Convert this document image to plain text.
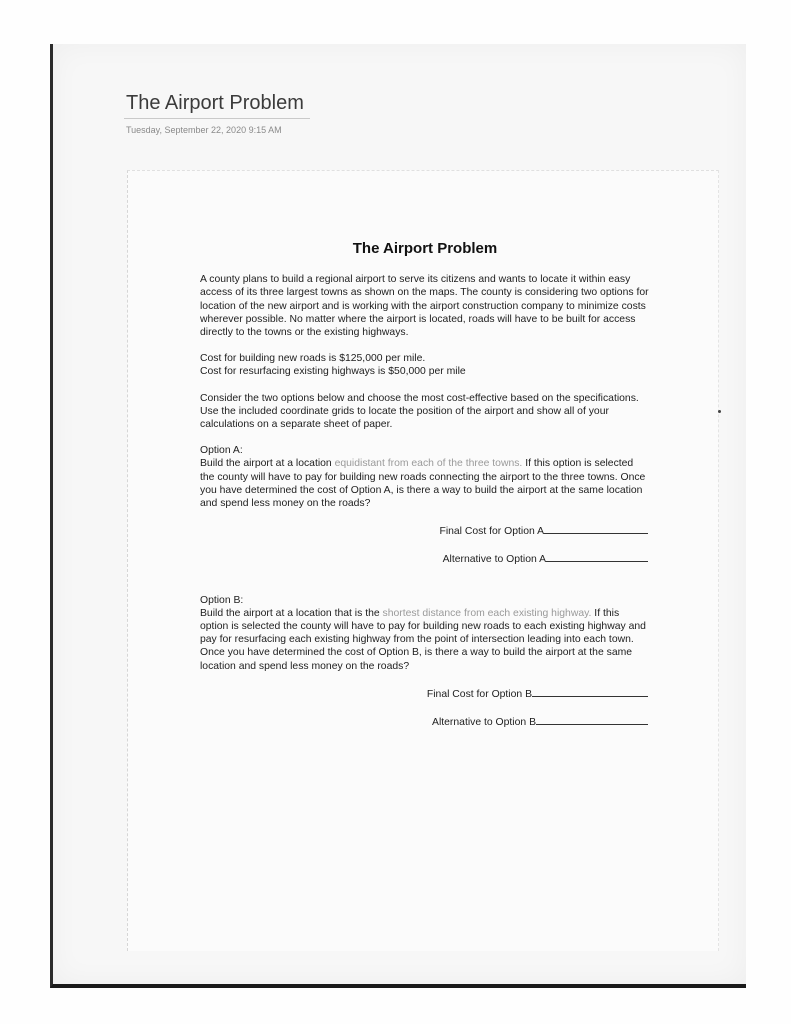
The Airport Problem
Tuesday, September 22, 2020 9:15 AM
The Airport Problem

A county plans to build a regional airport to serve its citizens and wants to locate it within easy access of its three largest towns as shown on the maps. The county is considering two options for location of the new airport and is working with the airport construction company to minimize costs wherever possible. No matter where the airport is located, roads will have to be built for access directly to the towns or the existing highways.

Cost for building new roads is $125,000 per mile.
Cost for resurfacing existing highways is $50,000 per mile

Consider the two options below and choose the most cost-effective based on the specifications. Use the included coordinate grids to locate the position of the airport and show all of your calculations on a separate sheet of paper.

Option A:
Build the airport at a location equidistant from each of the three towns. If this option is selected the county will have to pay for building new roads connecting the airport to the three towns. Once you have determined the cost of Option A, is there a way to build the airport at the same location and spend less money on the roads?

Final Cost for Option A
Alternative to Option A

Option B:
Build the airport at a location that is the shortest distance from each existing highway. If this option is selected the county will have to pay for building new roads to each existing highway and pay for resurfacing each existing highway from the point of intersection leading into each town. Once you have determined the cost of Option B, is there a way to build the airport at the same location and spend less money on the roads?

Final Cost for Option B
Alternative to Option B
